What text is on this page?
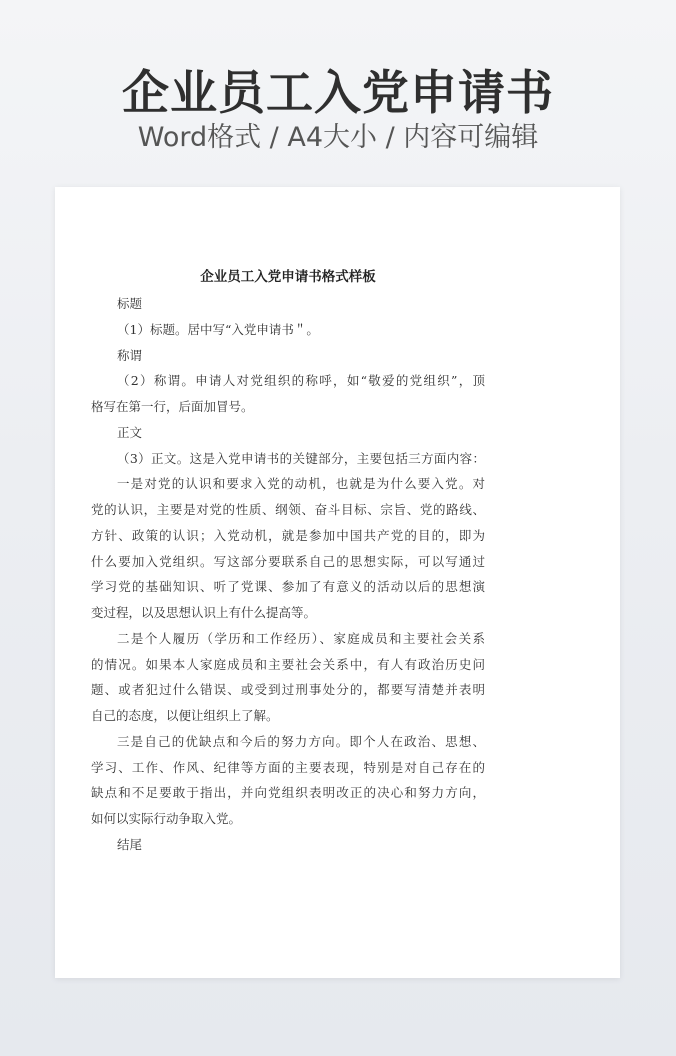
企业员工入党申请书
Word格式 / A4大小 / 内容可编辑
企业员工入党申请书格式样板
标题
（1）标题。居中写“入党申请书＂。
称谓
（2）称谓。申请人对党组织的称呼，如“敬爱的党组织”，顶
格写在第一行，后面加冒号。
正文
（3）正文。这是入党申请书的关键部分，主要包括三方面内容：
一是对党的认识和要求入党的动机，也就是为什么要入党。对
党的认识，主要是对党的性质、纲领、奋斗目标、宗旨、党的路线、
方针、政策的认识；入党动机，就是参加中国共产党的目的，即为
什么要加入党组织。写这部分要联系自己的思想实际，可以写通过
学习党的基础知识、听了党课、参加了有意义的活动以后的思想演
变过程，以及思想认识上有什么提高等。
二是个人履历（学历和工作经历）、家庭成员和主要社会关系
的情况。如果本人家庭成员和主要社会关系中，有人有政治历史问
题、或者犯过什么错误、或受到过刑事处分的，都要写清楚并表明
自己的态度，以便让组织上了解。
三是自己的优缺点和今后的努力方向。即个人在政治、思想、
学习、工作、作风、纪律等方面的主要表现，特别是对自己存在的
缺点和不足要敢于指出，并向党组织表明改正的决心和努力方向，
如何以实际行动争取入党。
结尾
